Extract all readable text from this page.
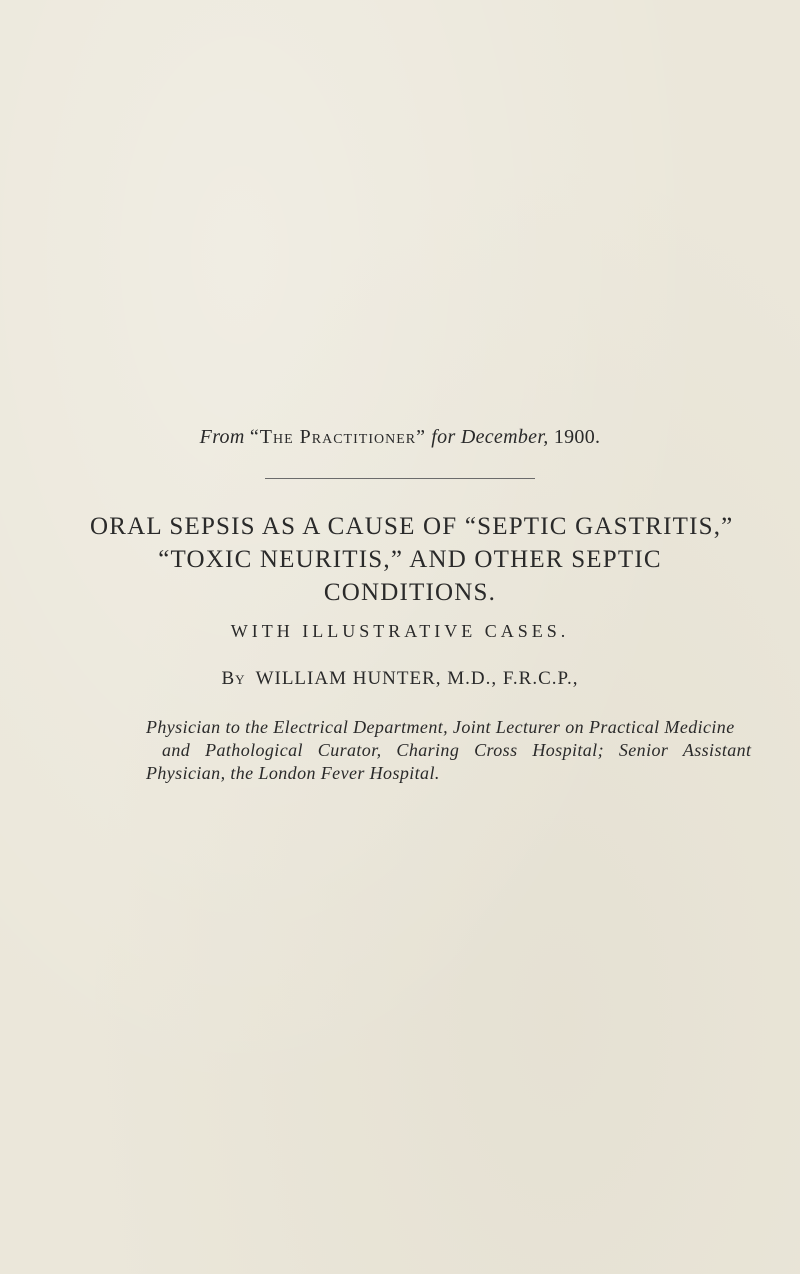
From “The Practitioner” for December, 1900.
ORAL SEPSIS AS A CAUSE OF “SEPTIC GASTRITIS,”
“TOXIC NEURITIS,” AND OTHER SEPTIC
CONDITIONS.
WITH ILLUSTRATIVE CASES.
By WILLIAM HUNTER, M.D., F.R.C.P.,
Physician to the Electrical Department, Joint Lecturer on Practical Medicine
and Pathological Curator, Charing Cross Hospital; Senior Assistant
Physician, the London Fever Hospital.
